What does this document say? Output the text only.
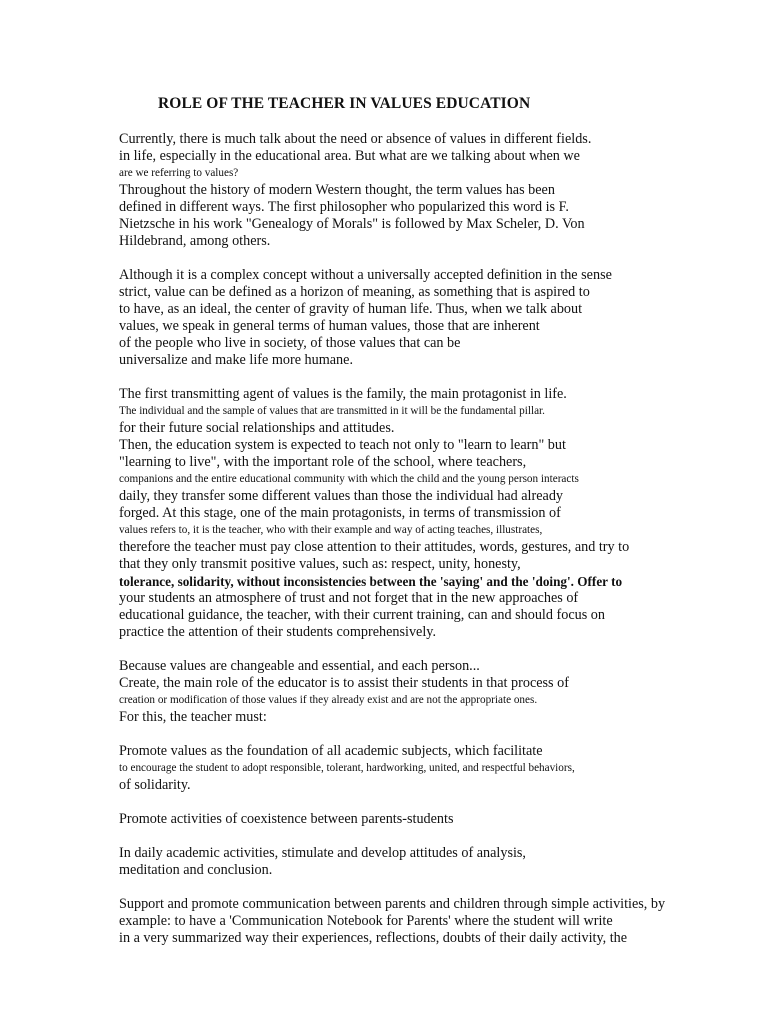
ROLE OF THE TEACHER IN VALUES EDUCATION
Currently, there is much talk about the need or absence of values in different fields.
in life, especially in the educational area. But what are we talking about when we
are we referring to values?
Throughout the history of modern Western thought, the term values has been
defined in different ways. The first philosopher who popularized this word is F.
Nietzsche in his work "Genealogy of Morals" is followed by Max Scheler, D. Von
Hildebrand, among others.
Although it is a complex concept without a universally accepted definition in the sense
strict, value can be defined as a horizon of meaning, as something that is aspired to
to have, as an ideal, the center of gravity of human life. Thus, when we talk about
values, we speak in general terms of human values, those that are inherent
of the people who live in society, of those values that can be
universalize and make life more humane.
The first transmitting agent of values is the family, the main protagonist in life.
The individual and the sample of values that are transmitted in it will be the fundamental pillar.
for their future social relationships and attitudes.
Then, the education system is expected to teach not only to "learn to learn" but
"learning to live", with the important role of the school, where teachers,
companions and the entire educational community with which the child and the young person interacts
daily, they transfer some different values than those the individual had already
forged. At this stage, one of the main protagonists, in terms of transmission of
values refers to, it is the teacher, who with their example and way of acting teaches, illustrates,
therefore the teacher must pay close attention to their attitudes, words, gestures, and try to
that they only transmit positive values, such as: respect, unity, honesty,
tolerance, solidarity, without inconsistencies between the 'saying' and the 'doing'. Offer to
your students an atmosphere of trust and not forget that in the new approaches of
educational guidance, the teacher, with their current training, can and should focus on
practice the attention of their students comprehensively.
Because values are changeable and essential, and each person...
Create, the main role of the educator is to assist their students in that process of
creation or modification of those values if they already exist and are not the appropriate ones.
For this, the teacher must:
Promote values as the foundation of all academic subjects, which facilitate
to encourage the student to adopt responsible, tolerant, hardworking, united, and respectful behaviors,
of solidarity.
Promote activities of coexistence between parents-students
In daily academic activities, stimulate and develop attitudes of analysis,
meditation and conclusion.
Support and promote communication between parents and children through simple activities, by
example: to have a 'Communication Notebook for Parents' where the student will write
in a very summarized way their experiences, reflections, doubts of their daily activity, the
